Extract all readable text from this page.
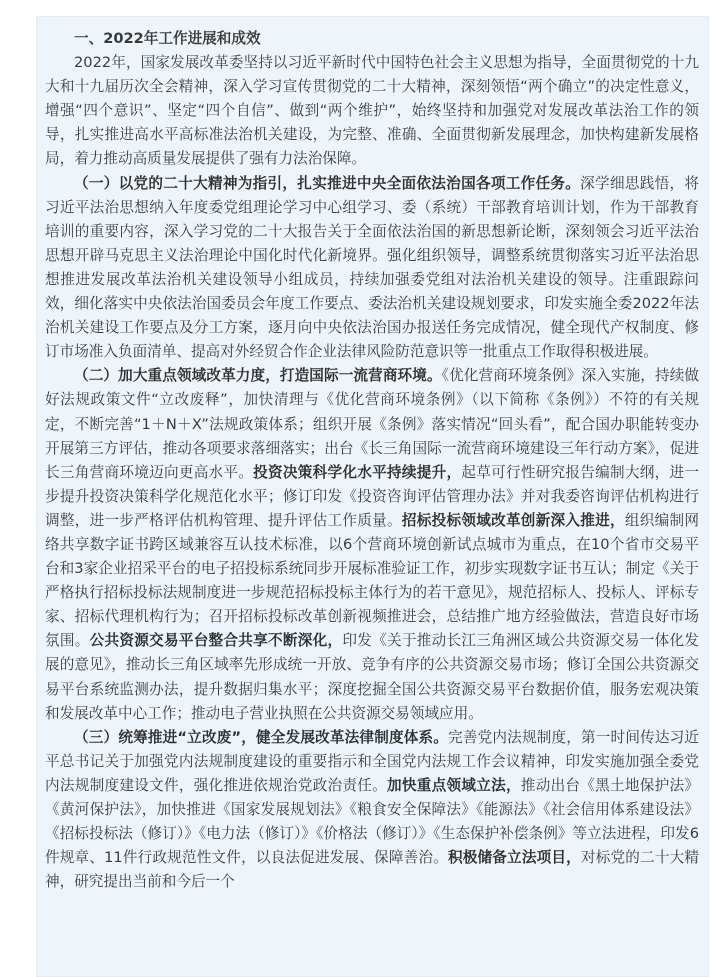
一、2022年工作进展和成效

2022年，国家发展改革委坚持以习近平新时代中国特色社会主义思想为指导，全面贯彻党的十九大和十九届历次全会精神，深入学习宣传贯彻党的二十大精神，深刻领悟“两个确立”的决定性意义，增强“四个意识”、坚定“四个自信”、做到“两个维护”，始终坚持和加强党对发展改革法治工作的领导，扎实推进高水平高标准法治机关建设，为完整、准确、全面贯彻新发展理念，加快构建新发展格局，着力推动高质量发展提供了强有力法治保障。

（一）以党的二十大精神为指引，扎实推进中央全面依法治国各项工作任务。深学细思践悟，将习近平法治思想纳入年度委党组理论学习中心组学习、委（系统）干部教育培训计划，作为干部教育培训的重要内容，深入学习党的二十大报告关于全面依法治国的新思想新论断，深刻领会习近平法治思想开辟马克思主义法治理论中国化时代化新境界。强化组织领导，调整系统贯彻落实习近平法治思想推进发展改革法治机关建设领导小组成员，持续加强委党组对法治机关建设的领导。注重跟踪问效，细化落实中央依法治国委员会年度工作要点、委法治机关建设规划要求，印发实施全委2022年法治机关建设工作要点及分工方案，逐月向中央依法治国办报送任务完成情况，健全现代产权制度、修订市场准入负面清单、提高对外经贸合作企业法律风险防范意识等一批重点工作取得积极进展。

（二）加大重点领域改革力度，打造国际一流营商环境。《优化营商环境条例》深入实施，持续做好法规政策文件“立改废释”，加快清理与《优化营商环境条例》（以下简称《条例》）不符的有关规定，不断完善“1＋N＋X”法规政策体系；组织开展《条例》落实情况“回头看”，配合国办职能转变办开展第三方评估，推动各项要求落细落实；出台《长三角国际一流营商环境建设三年行动方案》，促进长三角营商环境迈向更高水平。投资决策科学化水平持续提升，起草可行性研究报告编制大纲，进一步提升投资决策科学化规范化水平；修订印发《投资咨询评估管理办法》并对我委咨询评估机构进行调整，进一步严格评估机构管理、提升评估工作质量。招标投标领域改革创新深入推进，组织编制网络共享数字证书跨区域兼容互认技术标准，以6个营商环境创新试点城市为重点，在10个省市交易平台和3家企业招采平台的电子招投标系统同步开展标准验证工作，初步实现数字证书互认；制定《关于严格执行招标投标法规制度进一步规范招标投标主体行为的若干意见》，规范招标人、投标人、评标专家、招标代理机构行为；召开招标投标改革创新视频推进会，总结推广地方经验做法，营造良好市场氛围。公共资源交易平台整合共享不断深化，印发《关于推动长江三角洲区域公共资源交易一体化发展的意见》，推动长三角区域率先形成统一开放、竞争有序的公共资源交易市场；修订全国公共资源交易平台系统监测办法，提升数据归集水平；深度挖掘全国公共资源交易平台数据价值，服务宏观决策和发展改革中心工作；推动电子营业执照在公共资源交易领域应用。

（三）统筹推进“立改废”，健全发展改革法律制度体系。完善党内法规制度，第一时间传达习近平总书记关于加强党内法规制度建设的重要指示和全国党内法规工作会议精神，印发实施加强全委党内法规制度建设文件，强化推进依规治党政治责任。加快重点领域立法，推动出台《黑土地保护法》《黄河保护法》，加快推进《国家发展规划法》《粮食安全保障法》《能源法》《社会信用体系建设法》《招标投标法（修订）》《电力法（修订）》《价格法（修订）》《生态保护补偿条例》等立法进程，印发6件规章、11件行政规范性文件，以良法促进发展、保障善治。积极储备立法项目，对标党的二十大精神，研究提出当前和今后一个
